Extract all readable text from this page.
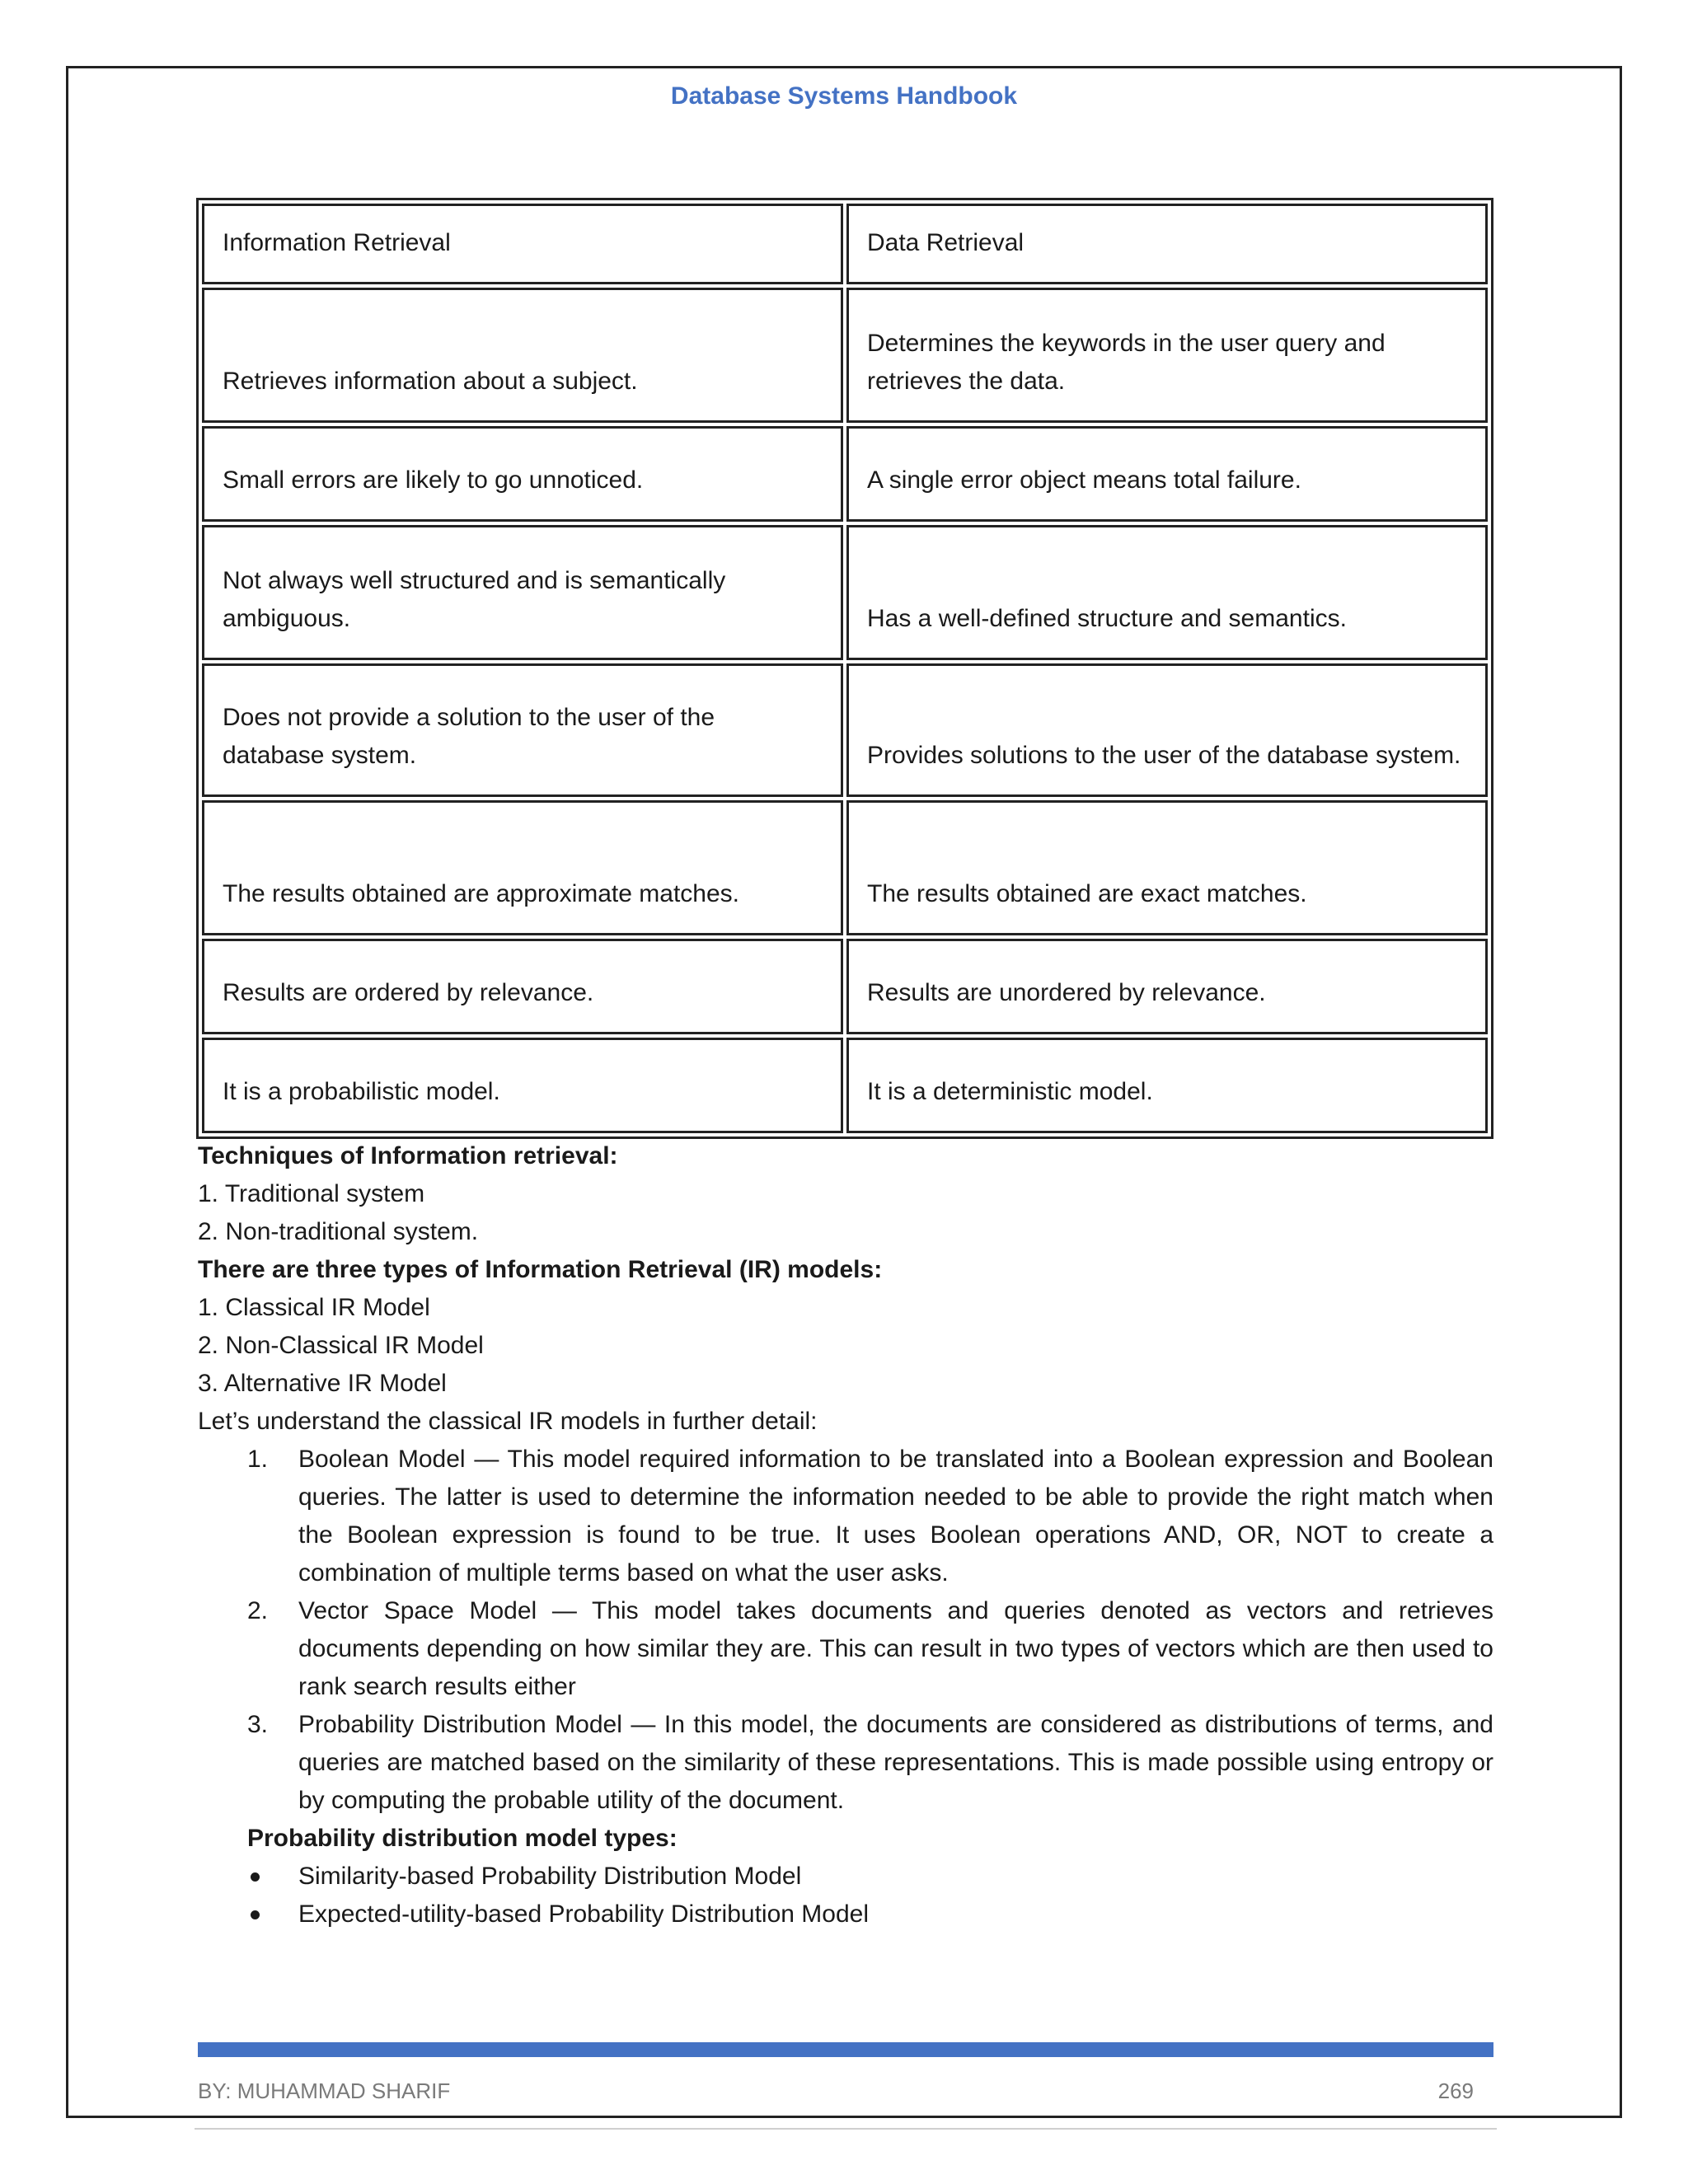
Database Systems Handbook
Information Retrieval	Data Retrieval
Retrieves information about a subject.	Determines the keywords in the user query and retrieves the data.
Small errors are likely to go unnoticed.	A single error object means total failure.
Not always well structured and is semantically ambiguous.	Has a well-defined structure and semantics.
Does not provide a solution to the user of the database system.	Provides solutions to the user of the database system.
The results obtained are approximate matches.	The results obtained are exact matches.
Results are ordered by relevance.	Results are unordered by relevance.
It is a probabilistic model.	It is a deterministic model.

Techniques of Information retrieval:

1. Traditional system

2. Non-traditional system.

There are three types of Information Retrieval (IR) models:

1. Classical IR Model

2. Non-Classical IR Model

3. Alternative IR Model

Let’s understand the classical IR models in further detail:

1. Boolean Model — This model required information to be translated into a Boolean expression and Boolean queries. The latter is used to determine the information needed to be able to provide the right match when the Boolean expression is found to be true. It uses Boolean operations AND, OR, NOT to create a combination of multiple terms based on what the user asks.
2. Vector Space Model — This model takes documents and queries denoted as vectors and retrieves documents depending on how similar they are. This can result in two types of vectors which are then used to rank search results either
3. Probability Distribution Model — In this model, the documents are considered as distributions of terms, and queries are matched based on the similarity of these representations. This is made possible using entropy or by computing the probable utility of the document.

Probability distribution model types:

Similarity-based Probability Distribution Model
Expected-utility-based Probability Distribution Model
BY: MUHAMMAD SHARIF	269
